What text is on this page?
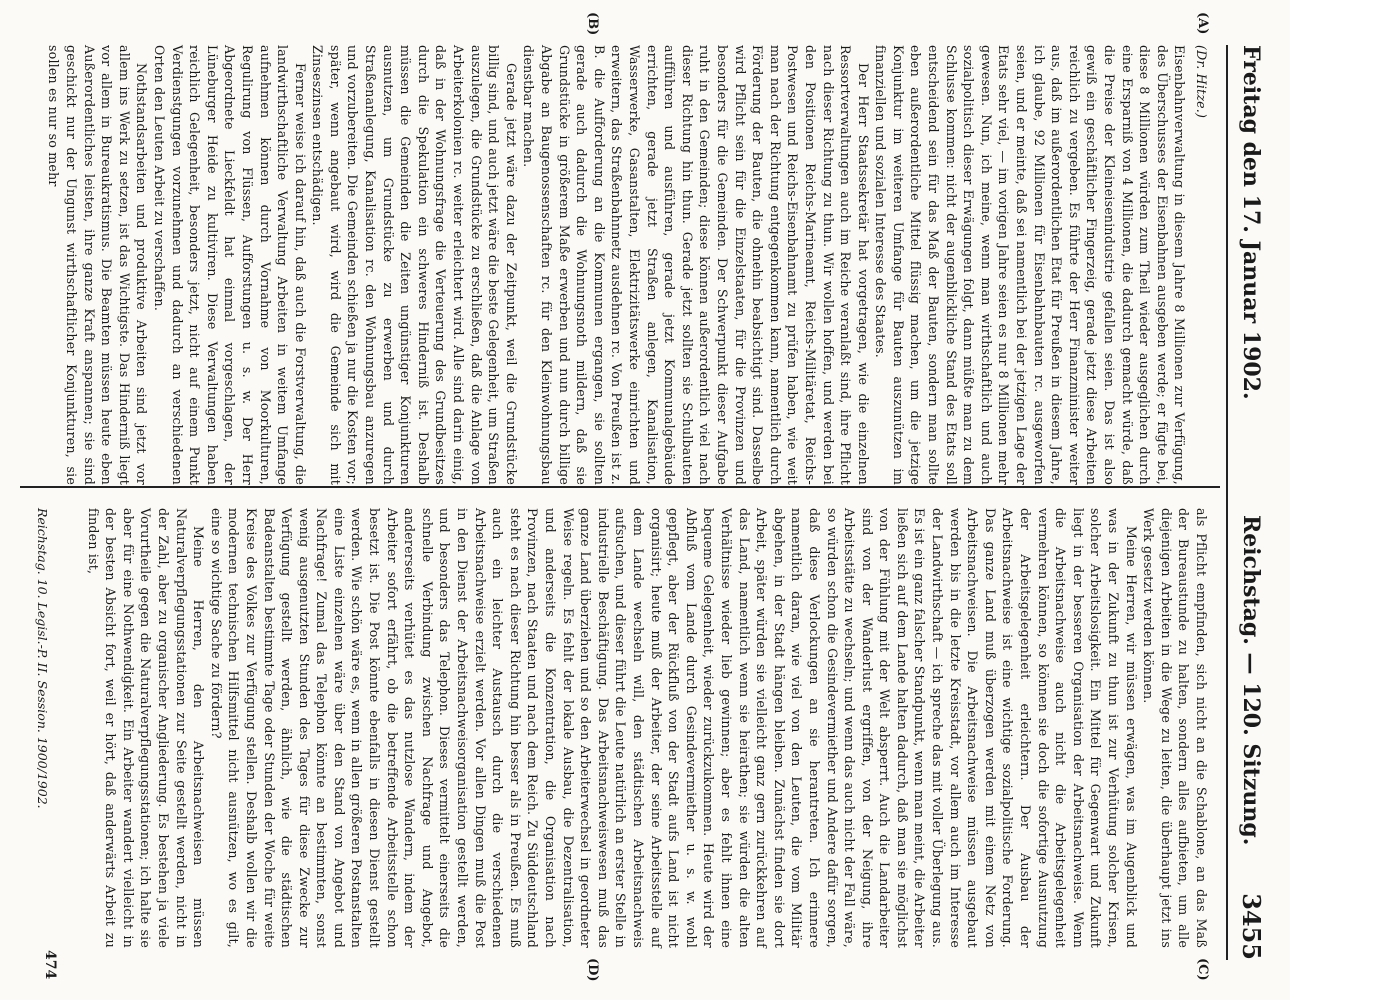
Freitag den 17. Januar 1902.
Reichstag. — 120. Sitzung.
3455
(A)
(B)
(C)
(D)

(Dr. Hitze.)

Eisenbahnverwaltung in diesem Jahre 8 Millionen zur Verfügung, des Überschusses der Eisenbahnen ausgeben werde; er fügte bei, diese 8 Millionen würden zum Theil wieder ausgeglichen durch eine Ersparniß von 4 Millionen, die dadurch gemacht würde, daß die Preise der Kleineisenindustrie gefallen seien. Das ist also gewiß ein geschäftlicher Fingerzeig, gerade jetzt diese Arbeiten reichlich zu vergeben. Es führte der Herr Finanzminister weiter aus, daß im außerordentlichen Etat für Preußen in diesem Jahre, ich glaube, 92 Millionen für Eisenbahnbauten rc. ausgeworfen seien, und er meinte, daß sei namentlich bei der jetzigen Lage der Etats sehr viel, — im vorigen Jahre seien es nur 8 Millionen mehr gewesen. Nun, ich meine, wenn man wirthschaftlich und auch sozialpolitisch dieser Erwägungen folgt, dann müßte man zu dem Schlusse kommen: nicht der augenblickliche Stand des Etats soll entscheidend sein für das Maß der Bauten, sondern man sollte eben außerordentliche Mittel flüssig machen, um die jetzige Konjunktur im weiteren Umfange für Bauten auszunützen im finanziellen und sozialen Interesse des Staates.

Der Herr Staatssekretär hat vorgetragen, wie die einzelnen Ressortverwaltungen auch im Reiche veranlaßt sind, ihre Pflicht nach dieser Richtung zu thun. Wir wollen hoffen, und werden bei den Positionen Reichs-Marineamt, Reichs-Militäretat, Reichs-Postwesen und Reichs-Eisenbahnamt zu prüfen haben, wie weit man nach der Richtung entgegenkommen kann, namentlich durch Förderung der Bauten, die ohnehin beabsichtigt sind. Dasselbe wird Pflicht sein für die Einzelstaaten, für die Provinzen und besonders für die Gemeinden. Der Schwerpunkt dieser Aufgabe ruht in den Gemeinden; diese können außerordentlich viel nach dieser Richtung hin thun. Gerade jetzt sollten sie Schulbauten aufführen und ausführen, gerade jetzt Kommunalgebäude errichten, gerade jetzt Straßen anlegen, Kanalisation, Wasserwerke, Gasanstalten, Elektrizitätswerke einrichten und erweitern, das Straßenbahnnetz ausdehnen rc. Von Preußen ist z. B. die Aufforderung an die Kommunen ergangen, sie sollten gerade auch dadurch die Wohnungsnoth mildern, daß sie Grundstücke in größerem Maße erwerben und nun durch billige Abgabe an Baugenossenschaften rc. für den Kleinwohnungsbau dienstbar machen.

Gerade jetzt wäre dazu der Zeitpunkt, weil die Grundstücke billig sind, und auch jetzt wäre die beste Gelegenheit, um Straßen auszulegen, die Grundstücke zu erschließen, daß die Anlage von Arbeiterkolonien rc. weiter erleichtert wird. Alle sind darin einig, daß in der Wohnungsfrage die Verteuerung des Grundbesitzes durch die Spekulation ein schweres Hinderniß ist. Deshalb müssen die Gemeinden die Zeiten ungünstiger Konjunkturen ausnutzen, um Grundstücke zu erwerben und durch Straßenanlegung, Kanalisation rc. den Wohnungsbau anzuregen und vorzubereiten. Die Gemeinden schießen ja nur die Kosten vor; später, wenn angebaut wird, wird die Gemeinde sich mit Zinseszinsen entschädigen.

Ferner weise ich darauf hin, daß auch die Forstverwaltung, die landwirthschaftliche Verwaltung Arbeiten in weitem Umfange aufnehmen können durch Vornahme von Moorkulturen, Regulirung von Flüssen, Aufforstungen u. s. w. Der Herr Abgeordnete Lieckfeldt hat einmal vorgeschlagen, der Lüneburger Heide zu kultiviren. Diese Verwaltungen haben reichlich Gelegenheit, besonders jetzt, nicht auf einem Punkt Verdienstgungen vorzunehmen und dadurch an verschiedenen Orten den Leuten Arbeit zu verschaffen.

Nothstandsarbeiten und produktive Arbeiten sind jetzt vor allem ins Werk zu setzen, ist das Wichtigste. Das Hinderniß liegt vor allem in Bureaukratismus. Die Beamten müssen heute eben Außerordentliches leisten, ihre ganze Kraft anspannen; sie sind geschickt nur der Ungunst wirthschaftlicher Konjunkturen, sie sollen es nur so mehr

als Pflicht empfinden, sich nicht an die Schablone, an das Maß der Bureaustunde zu halten, sondern alles aufbieten, um alle diejenigen Arbeiten in die Wege zu leiten, die überhaupt jetzt ins Werk gesetzt werden können.

Meine Herren, wir müssen erwägen, was im Augenblick und was in der Zukunft zu thun ist zur Verhütung solcher Krisen, solcher Arbeitslosigkeit. Ein Mittel für Gegenwart und Zukunft liegt in der besseren Organisation der Arbeitsnachweise. Wenn die Arbeitsnachweise auch nicht die Arbeitsgelegenheit vermehren können, so können sie doch die sofortige Ausnutzung der Arbeitsgelegenheit erleichtern. Der Ausbau der Arbeitsnachweise ist eine wichtige sozialpolitische Forderung. Das ganze Land muß überzogen werden mit einem Netz von Arbeitsnachweisen. Die Arbeitsnachweise müssen ausgebaut werden bis in die letzte Kreisstadt, vor allem auch im Interesse der Landwirthschaft — ich spreche das mit voller Überlegung aus. Es ist ein ganz falscher Standpunkt, wenn man meint, die Arbeiter ließen sich auf dem Lande halten dadurch, daß man sie möglichst von der Fühlung mit der Welt absperrt. Auch die Landarbeiter sind von der Wanderlust ergriffen, von der Neigung, ihre Arbeitsstätte zu wechseln; und wenn das auch nicht der Fall wäre, so würden schon die Gesindevermiether und Andere dafür sorgen, daß diese Verlockungen an sie herantreten. Ich erinnere namentlich daran, wie viel von den Leuten, die vom Militär abgehen, in der Stadt hängen bleiben. Zunächst finden sie dort Arbeit, später würden sie vielleicht ganz gern zurückkehren auf das Land, namentlich wenn sie heirathen; sie würden die alten Verhältnisse wieder lieb gewinnen; aber es fehlt ihnen eine bequeme Gelegenheit, wieder zurückzukommen. Heute wird der Abfluß vom Lande durch Gesindevermiether u. s. w. wohl gepflegt, aber der Rückfluß von der Stadt aufs Land ist nicht organisirt; heute muß der Arbeiter, der seine Arbeitsstelle auf dem Lande wechseln will, den städtischen Arbeitsnachweis aufsuchen, und dieser führt die Leute natürlich an erster Stelle in industrielle Beschäftigung. Das Arbeitsnachweiswesen muß das ganze Land überziehen und so den Arbeiterwechsel in geordneter Weise regeln. Es fehlt der lokale Ausbau, die Dezentralisation, und anderseits die Konzentration, die Organisation nach Provinzen, nach Staaten und nach dem Reich. Zu Süddeutschland steht es nach dieser Richtung hin besser als in Preußen. Es muß auch ein leichter Austausch durch die verschiedenen Arbeitsnachweise erzielt werden. Vor allen Dingen muß die Post in den Dienst der Arbeitsnachweisorganisation gestellt werden, und besonders das Telephon. Dieses vermittelt einerseits die schnelle Verbindung zwischen Nachfrage und Angebot, andererseits verhütet es das nutzlose Wandern, indem der Arbeiter sofort erfährt, ob die betreffende Arbeitsstelle schon besetzt ist. Die Post könnte ebenfalls in diesen Dienst gestellt werden. Wie schön wäre es, wenn in allen größeren Postanstalten eine Liste einzelnen wäre über den Stand von Angebot und Nachfrage! Zumal das Telephon könnte an bestimmten, sonst wenig ausgenutzten Stunden des Tages für diese Zwecke zur Verfügung gestellt werden, ähnlich, wie die städtischen Badeanstalten bestimmte Tage oder Stunden der Woche für weite Kreise des Volkes zur Verfügung stellen. Deshalb wollen wir die modernen technischen Hilfsmittel nicht ausnützen, wo es gilt, eine so wichtige Sache zu fördern?

Meine Herren, den Arbeitsnachweisen müssen Naturalverpflegungsstationen zur Seite gestellt werden, nicht in der Zahl, aber zu organischer Angliederung. Es bestehen ja viele Vorurtheile gegen die Naturalverpflegungsstationen; ich halte sie aber für eine Nothwendigkeit. Ein Arbeiter wandert vielleicht in der besten Absicht fort, weil er hört, daß anderwärts Arbeit zu finden ist,

Reichstag. 10. Legisl.-P. II. Session. 1900/1902.
474
